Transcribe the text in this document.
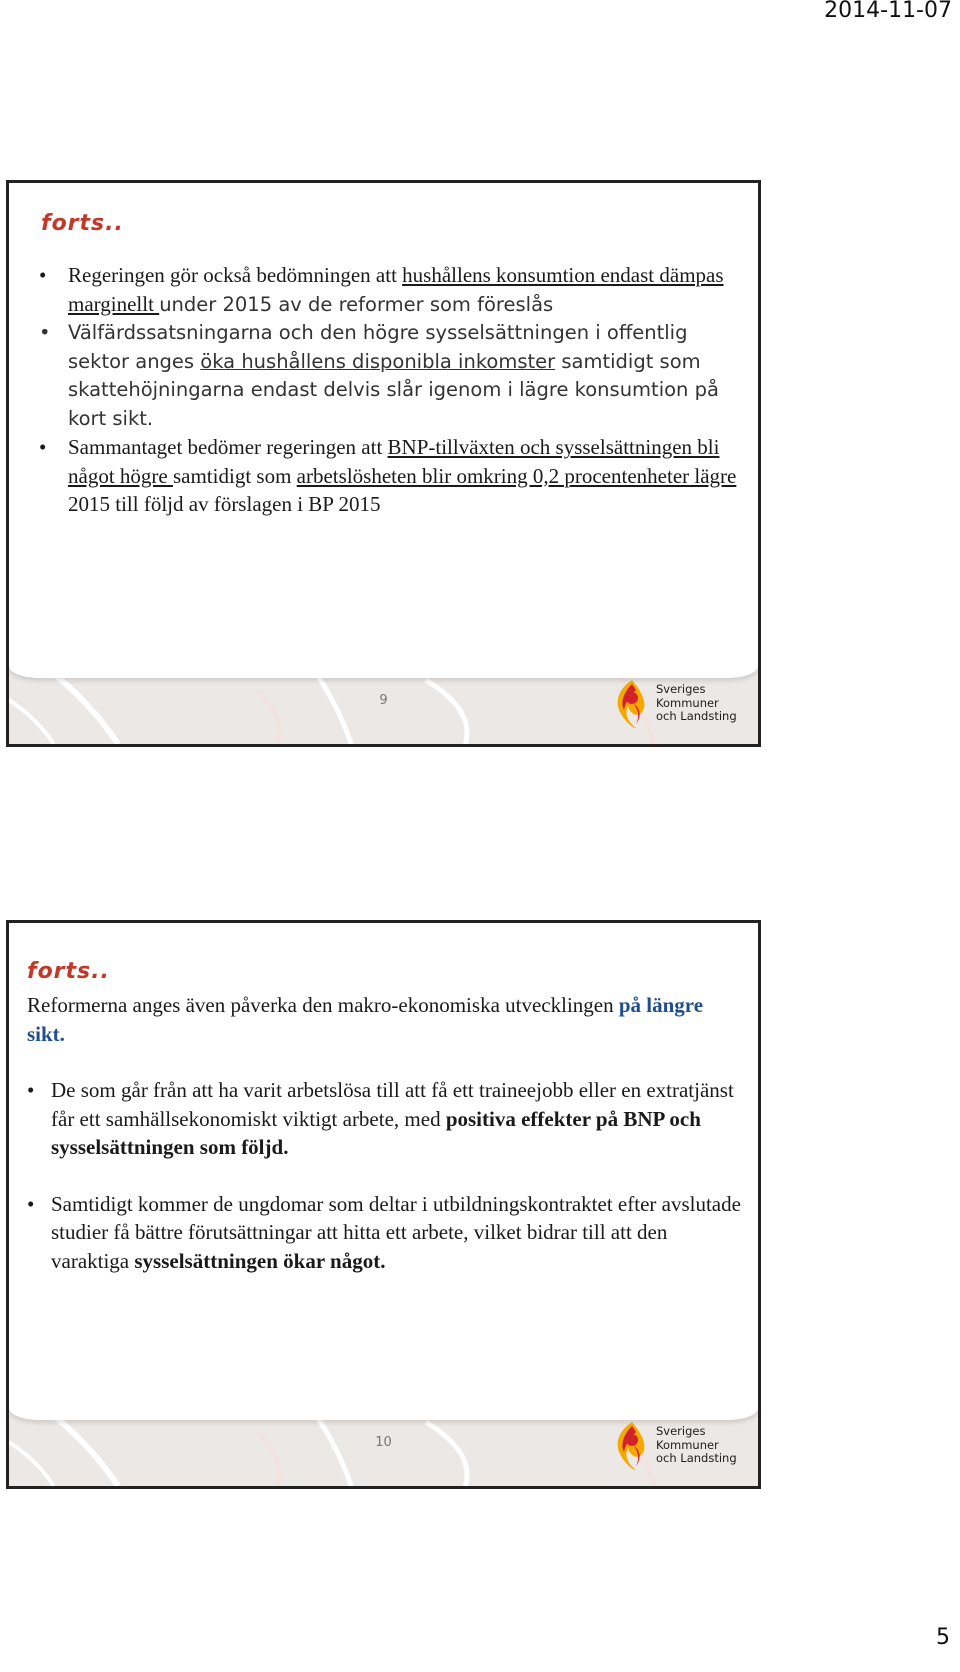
2014-11-07
forts..
• Regeringen gör också bedömningen att hushållens konsumtion endast dämpas marginellt under 2015 av de reformer som föreslås
• Välfärdssatsningarna och den högre sysselsättningen i offentlig sektor anges öka hushållens disponibla inkomster samtidigt som skattehöjningarna endast delvis slår igenom i lägre konsumtion på kort sikt.
• Sammantaget bedömer regeringen att BNP-tillväxten och sysselsättningen bli något högre samtidigt som arbetslösheten blir omkring 0,2 procentenheter lägre 2015 till följd av förslagen i BP 2015
9
Sveriges
Kommuner
och Landsting
forts..
Reformerna anges även påverka den makro-ekonomiska utvecklingen på längre sikt.
• De som går från att ha varit arbetslösa till att få ett traineejobb eller en extratjänst får ett samhällsekonomiskt viktigt arbete, med positiva effekter på BNP och sysselsättningen som följd.
• Samtidigt kommer de ungdomar som deltar i utbildningskontraktet efter avslutade studier få bättre förutsättningar att hitta ett arbete, vilket bidrar till att den varaktiga sysselsättningen ökar något.
10
Sveriges
Kommuner
och Landsting
5
